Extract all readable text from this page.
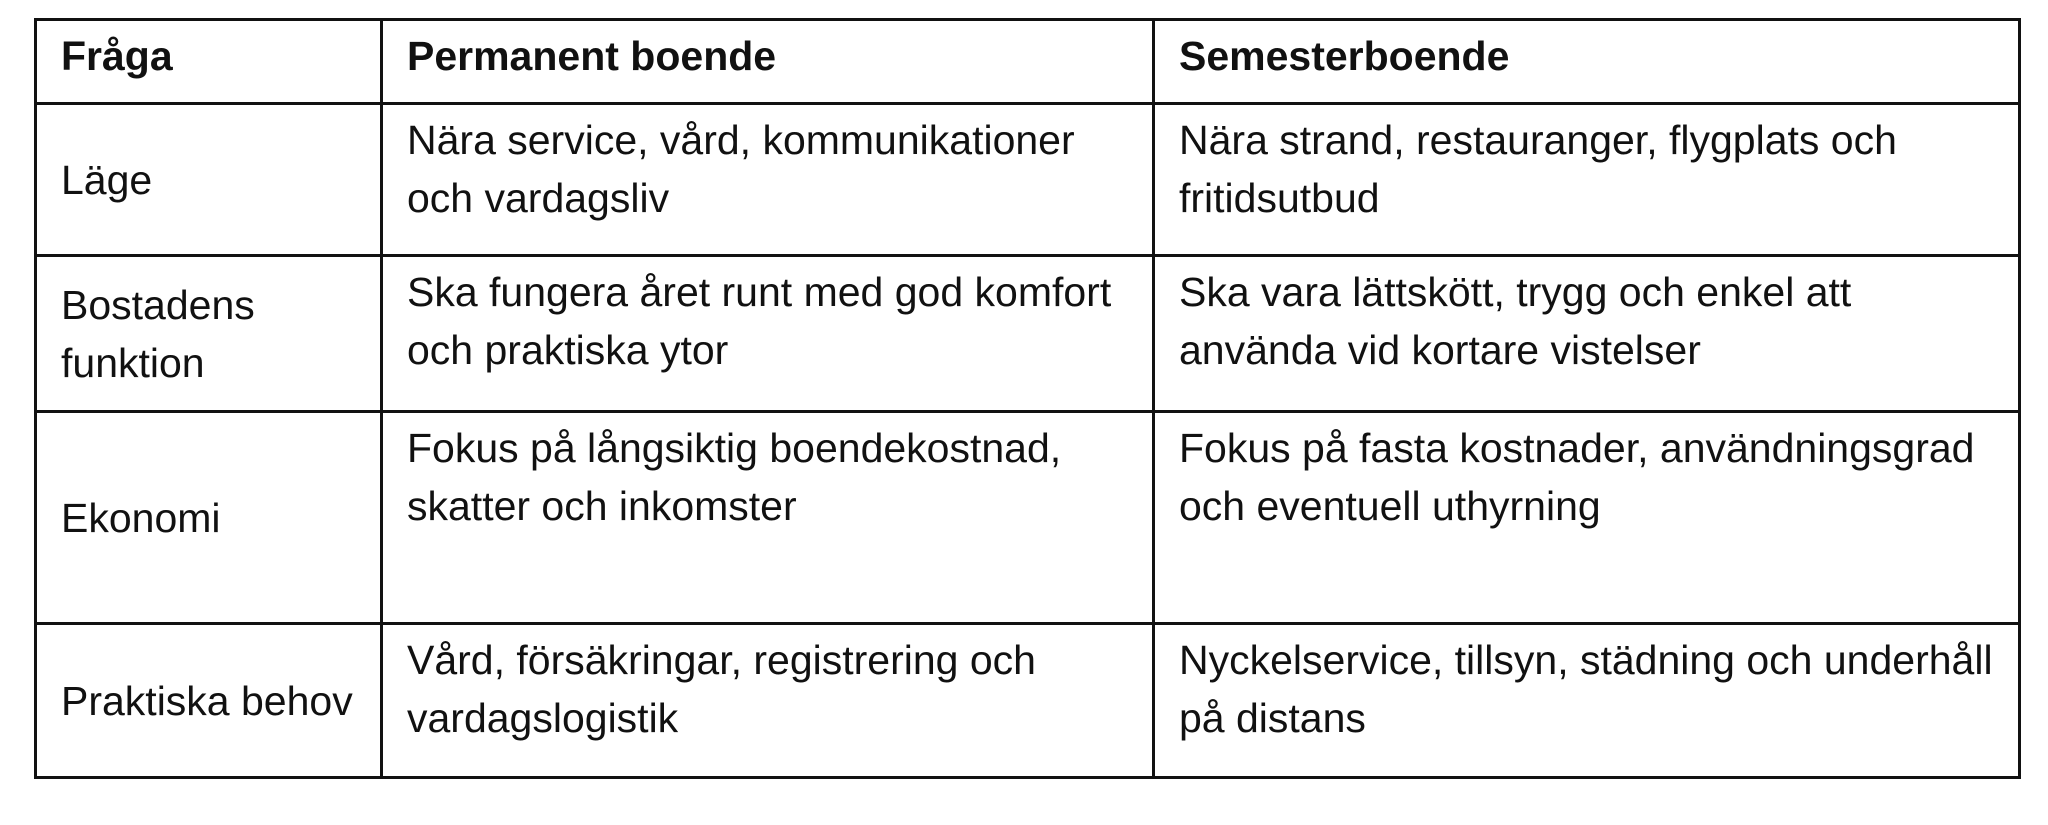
Fråga	Permanent boende	Semesterboende
Läge	Nära service, vård, kommunikationer och vardagsliv	Nära strand, restauranger, flygplats och fritidsutbud
Bostadens funktion	Ska fungera året runt med god komfort och praktiska ytor	Ska vara lättskött, trygg och enkel att använda vid kortare vistelser
Ekonomi	Fokus på långsiktig boendekostnad, skatter och inkomster	Fokus på fasta kostnader, användningsgrad och eventuell uthyrning
Praktiska behov	Vård, försäkringar, registrering och vardagslogistik	Nyckelservice, tillsyn, städning och underhåll på distans
